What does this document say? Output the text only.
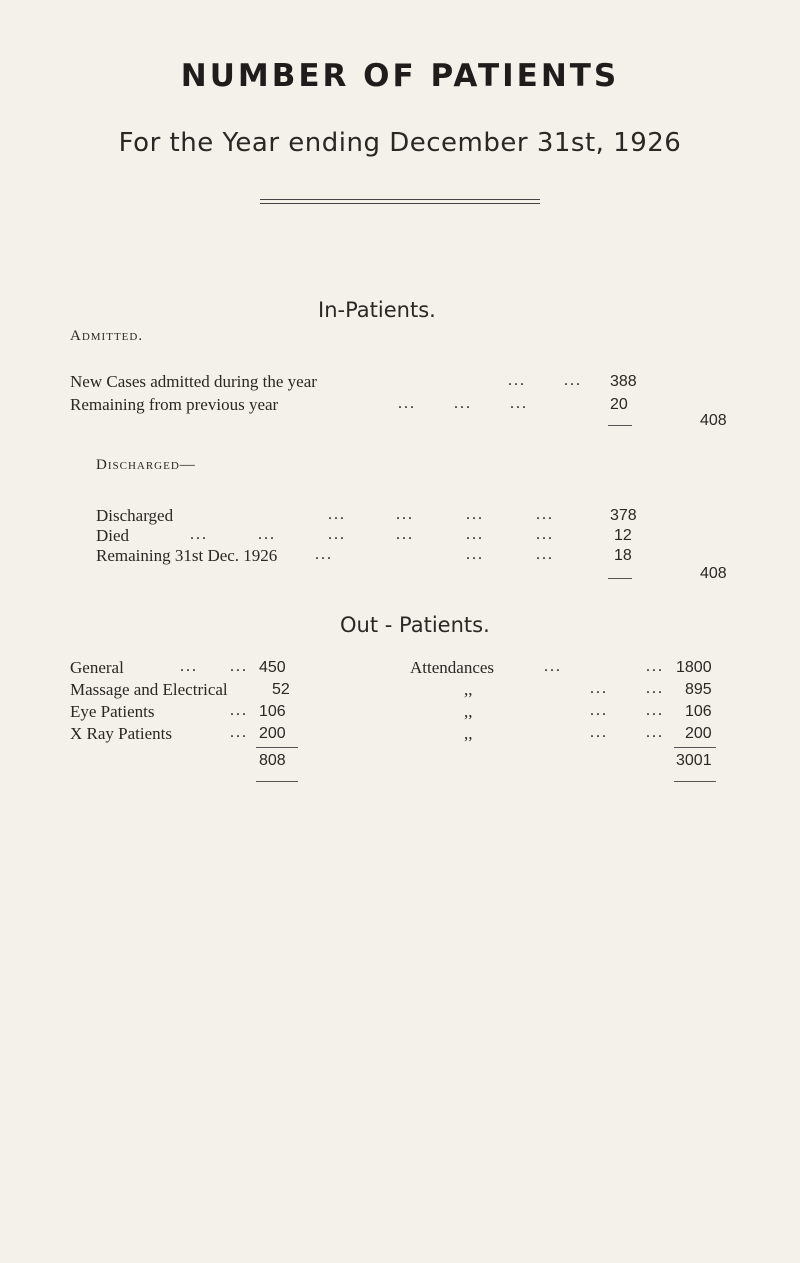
NUMBER OF PATIENTS
For the Year ending December 31st, 1926
In-Patients.
Admitted.
New Cases admitted during the year	... ... 388
Remaining from previous year	... ... ...	20
408
Discharged—
Discharged	...	...	...	...	378
Died	...	...	...	...	...	...	12
Remaining 31st Dec. 1926 ...	...	...	18
408
Out - Patients.
General	... ... 450	Attendances	...	... 1800
Massage and Electrical	52	,,	... ... 895
Eye Patients	... 106	,,	... ... 106
X Ray Patients	... 200	,,	... ... 200
808	3001
